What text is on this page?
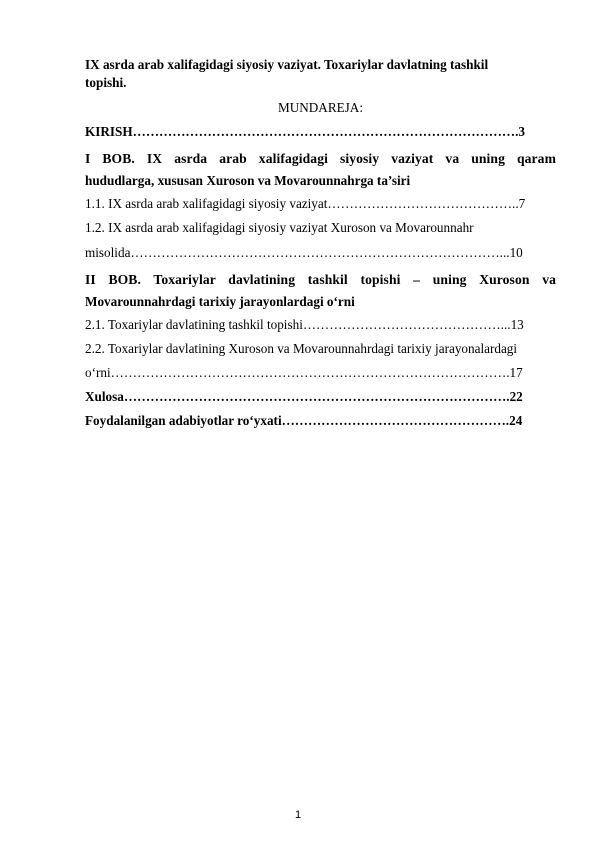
IX asrda arab xalifagidagi siyosiy vaziyat. Toxariylar davlatning tashkil
topishi.
MUNDAREJA:
KIRISH…………………………………………………………………………….3
I BOB. IX asrda arab xalifagidagi siyosiy vaziyat va uning qaram
hududlarga, xususan Xuroson va Movarounnahrga ta’siri
1.1. IX asrda arab xalifagidagi siyosiy vaziyat……………………………………..7
1.2. IX asrda arab xalifagidagi siyosiy vaziyat Xuroson va Movarounnahr
misolida…………………………………………………………………………...10
II BOB. Toxariylar davlatining tashkil topishi – uning Xuroson va
Movarounnahrdagi tarixiy jarayonlardagi o‘rni
2.1. Toxariylar davlatining tashkil topishi………………………………………...13
2.2. Toxariylar davlatining Xuroson va Movarounnahrdagi tarixiy jarayonalardagi
o‘rni……………………………………………………………………………….17
Xulosa…………………………………………………………………………….22
Foydalanilgan adabiyotlar ro‘yxati…………………………………………….24
1
